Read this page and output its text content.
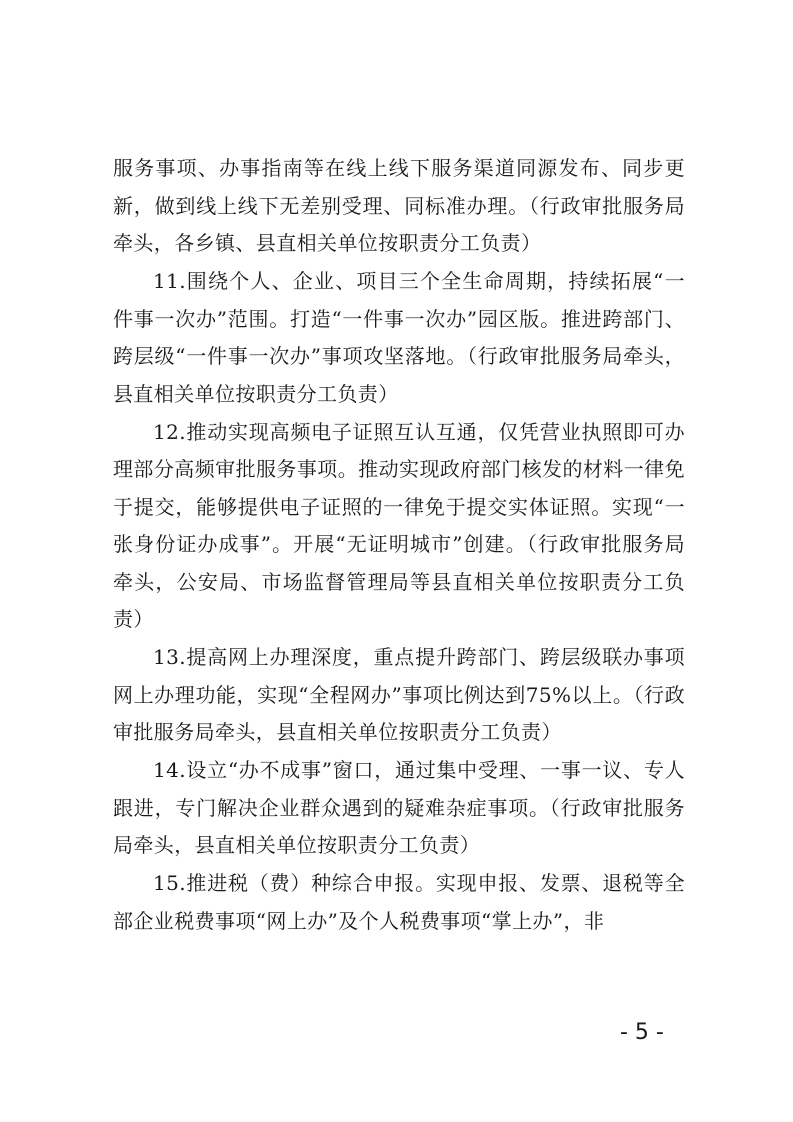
服务事项、办事指南等在线上线下服务渠道同源发布、同步更新，做到线上线下无差别受理、同标准办理。（行政审批服务局牵头，各乡镇、县直相关单位按职责分工负责）

11.围绕个人、企业、项目三个全生命周期，持续拓展“一件事一次办”范围。打造“一件事一次办”园区版。推进跨部门、跨层级“一件事一次办”事项攻坚落地。（行政审批服务局牵头，县直相关单位按职责分工负责）

12.推动实现高频电子证照互认互通，仅凭营业执照即可办理部分高频审批服务事项。推动实现政府部门核发的材料一律免于提交，能够提供电子证照的一律免于提交实体证照。实现“一张身份证办成事”。开展“无证明城市”创建。（行政审批服务局牵头，公安局、市场监督管理局等县直相关单位按职责分工负责）

13.提高网上办理深度，重点提升跨部门、跨层级联办事项网上办理功能，实现“全程网办”事项比例达到75%以上。（行政审批服务局牵头，县直相关单位按职责分工负责）

14.设立“办不成事”窗口，通过集中受理、一事一议、专人跟进，专门解决企业群众遇到的疑难杂症事项。（行政审批服务局牵头，县直相关单位按职责分工负责）

15.推进税（费）种综合申报。实现申报、发票、退税等全部企业税费事项“网上办”及个人税费事项“掌上办”，非

- 5 -
